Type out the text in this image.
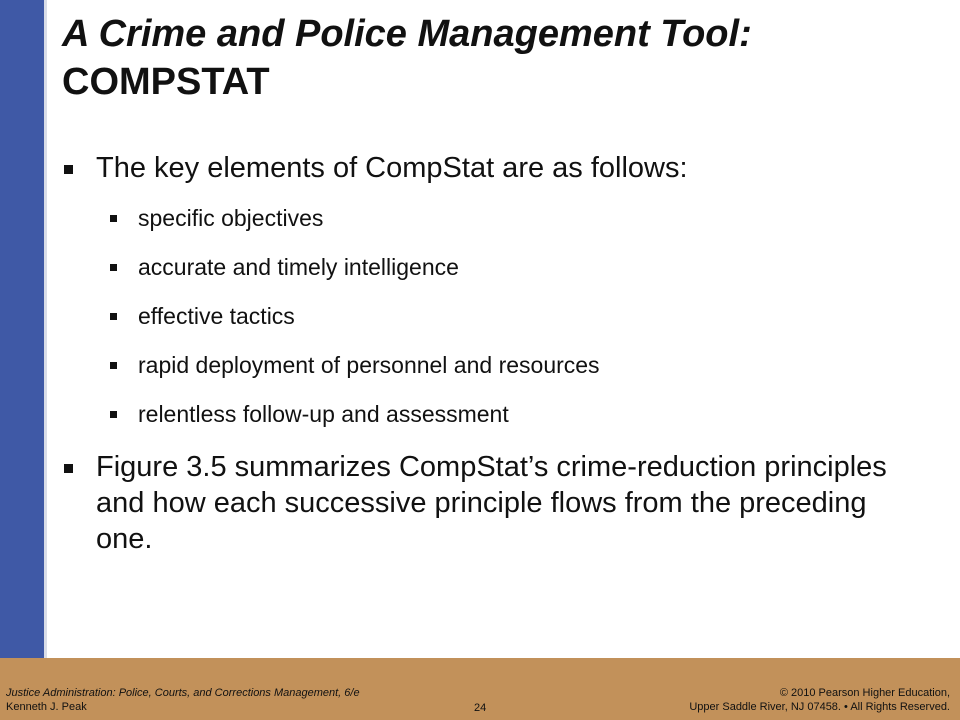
A Crime and Police Management Tool:
COMPSTAT
The key elements of CompStat are as follows:
specific objectives
accurate and timely intelligence
effective tactics
rapid deployment of personnel and resources
relentless follow-up and assessment
Figure 3.5 summarizes CompStat’s crime-reduction principles and how each successive principle flows from the preceding one.
Justice Administration: Police, Courts, and Corrections Management, 6/e
Kenneth J. Peak	24
© 2010 Pearson Higher Education,
Upper Saddle River, NJ 07458. • All Rights Reserved.
